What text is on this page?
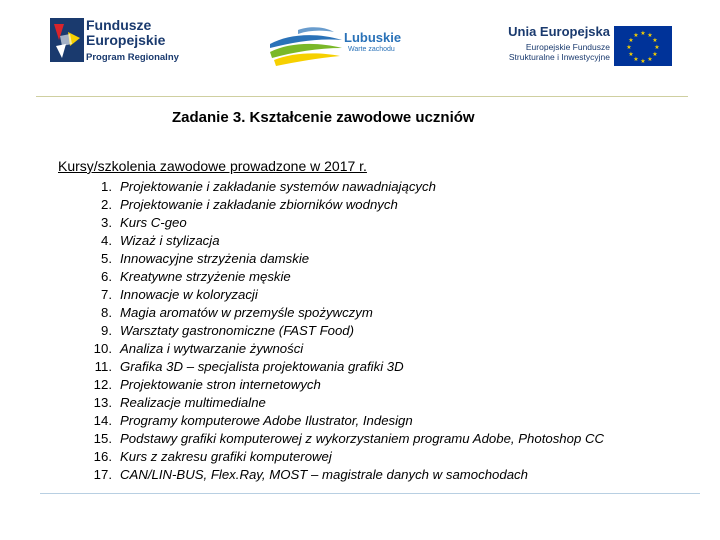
Fundusze
Europejskie
Program Regionalny
Lubuskie
Warte zachodu
Unia Europejska
Europejskie Fundusze
Strukturalne i Inwestycyjne
★ ★
★
★
★
★
★
★
★
★
★
★
Zadanie 3. Kształcenie zawodowe uczniów
Kursy/szkolenia zawodowe prowadzone w 2017 r.
1. Projektowanie i zakładanie systemów nawadniających
2. Projektowanie i zakładanie zbiorników wodnych
3. Kurs C-geo
4. Wizaż i stylizacja
5. Innowacyjne strzyżenia damskie
6. Kreatywne strzyżenie męskie
7. Innowacje w koloryzacji
8. Magia aromatów w przemyśle spożywczym
9. Warsztaty gastronomiczne (FAST Food)
10. Analiza i wytwarzanie żywności
11. Grafika 3D – specjalista projektowania grafiki 3D
12. Projektowanie stron internetowych
13. Realizacje multimedialne
14. Programy komputerowe Adobe Ilustrator, Indesign
15. Podstawy grafiki komputerowej z wykorzystaniem programu Adobe, Photoshop CC
16. Kurs z zakresu grafiki komputerowej
17. CAN/LIN-BUS, Flex.Ray, MOST – magistrale danych w samochodach
